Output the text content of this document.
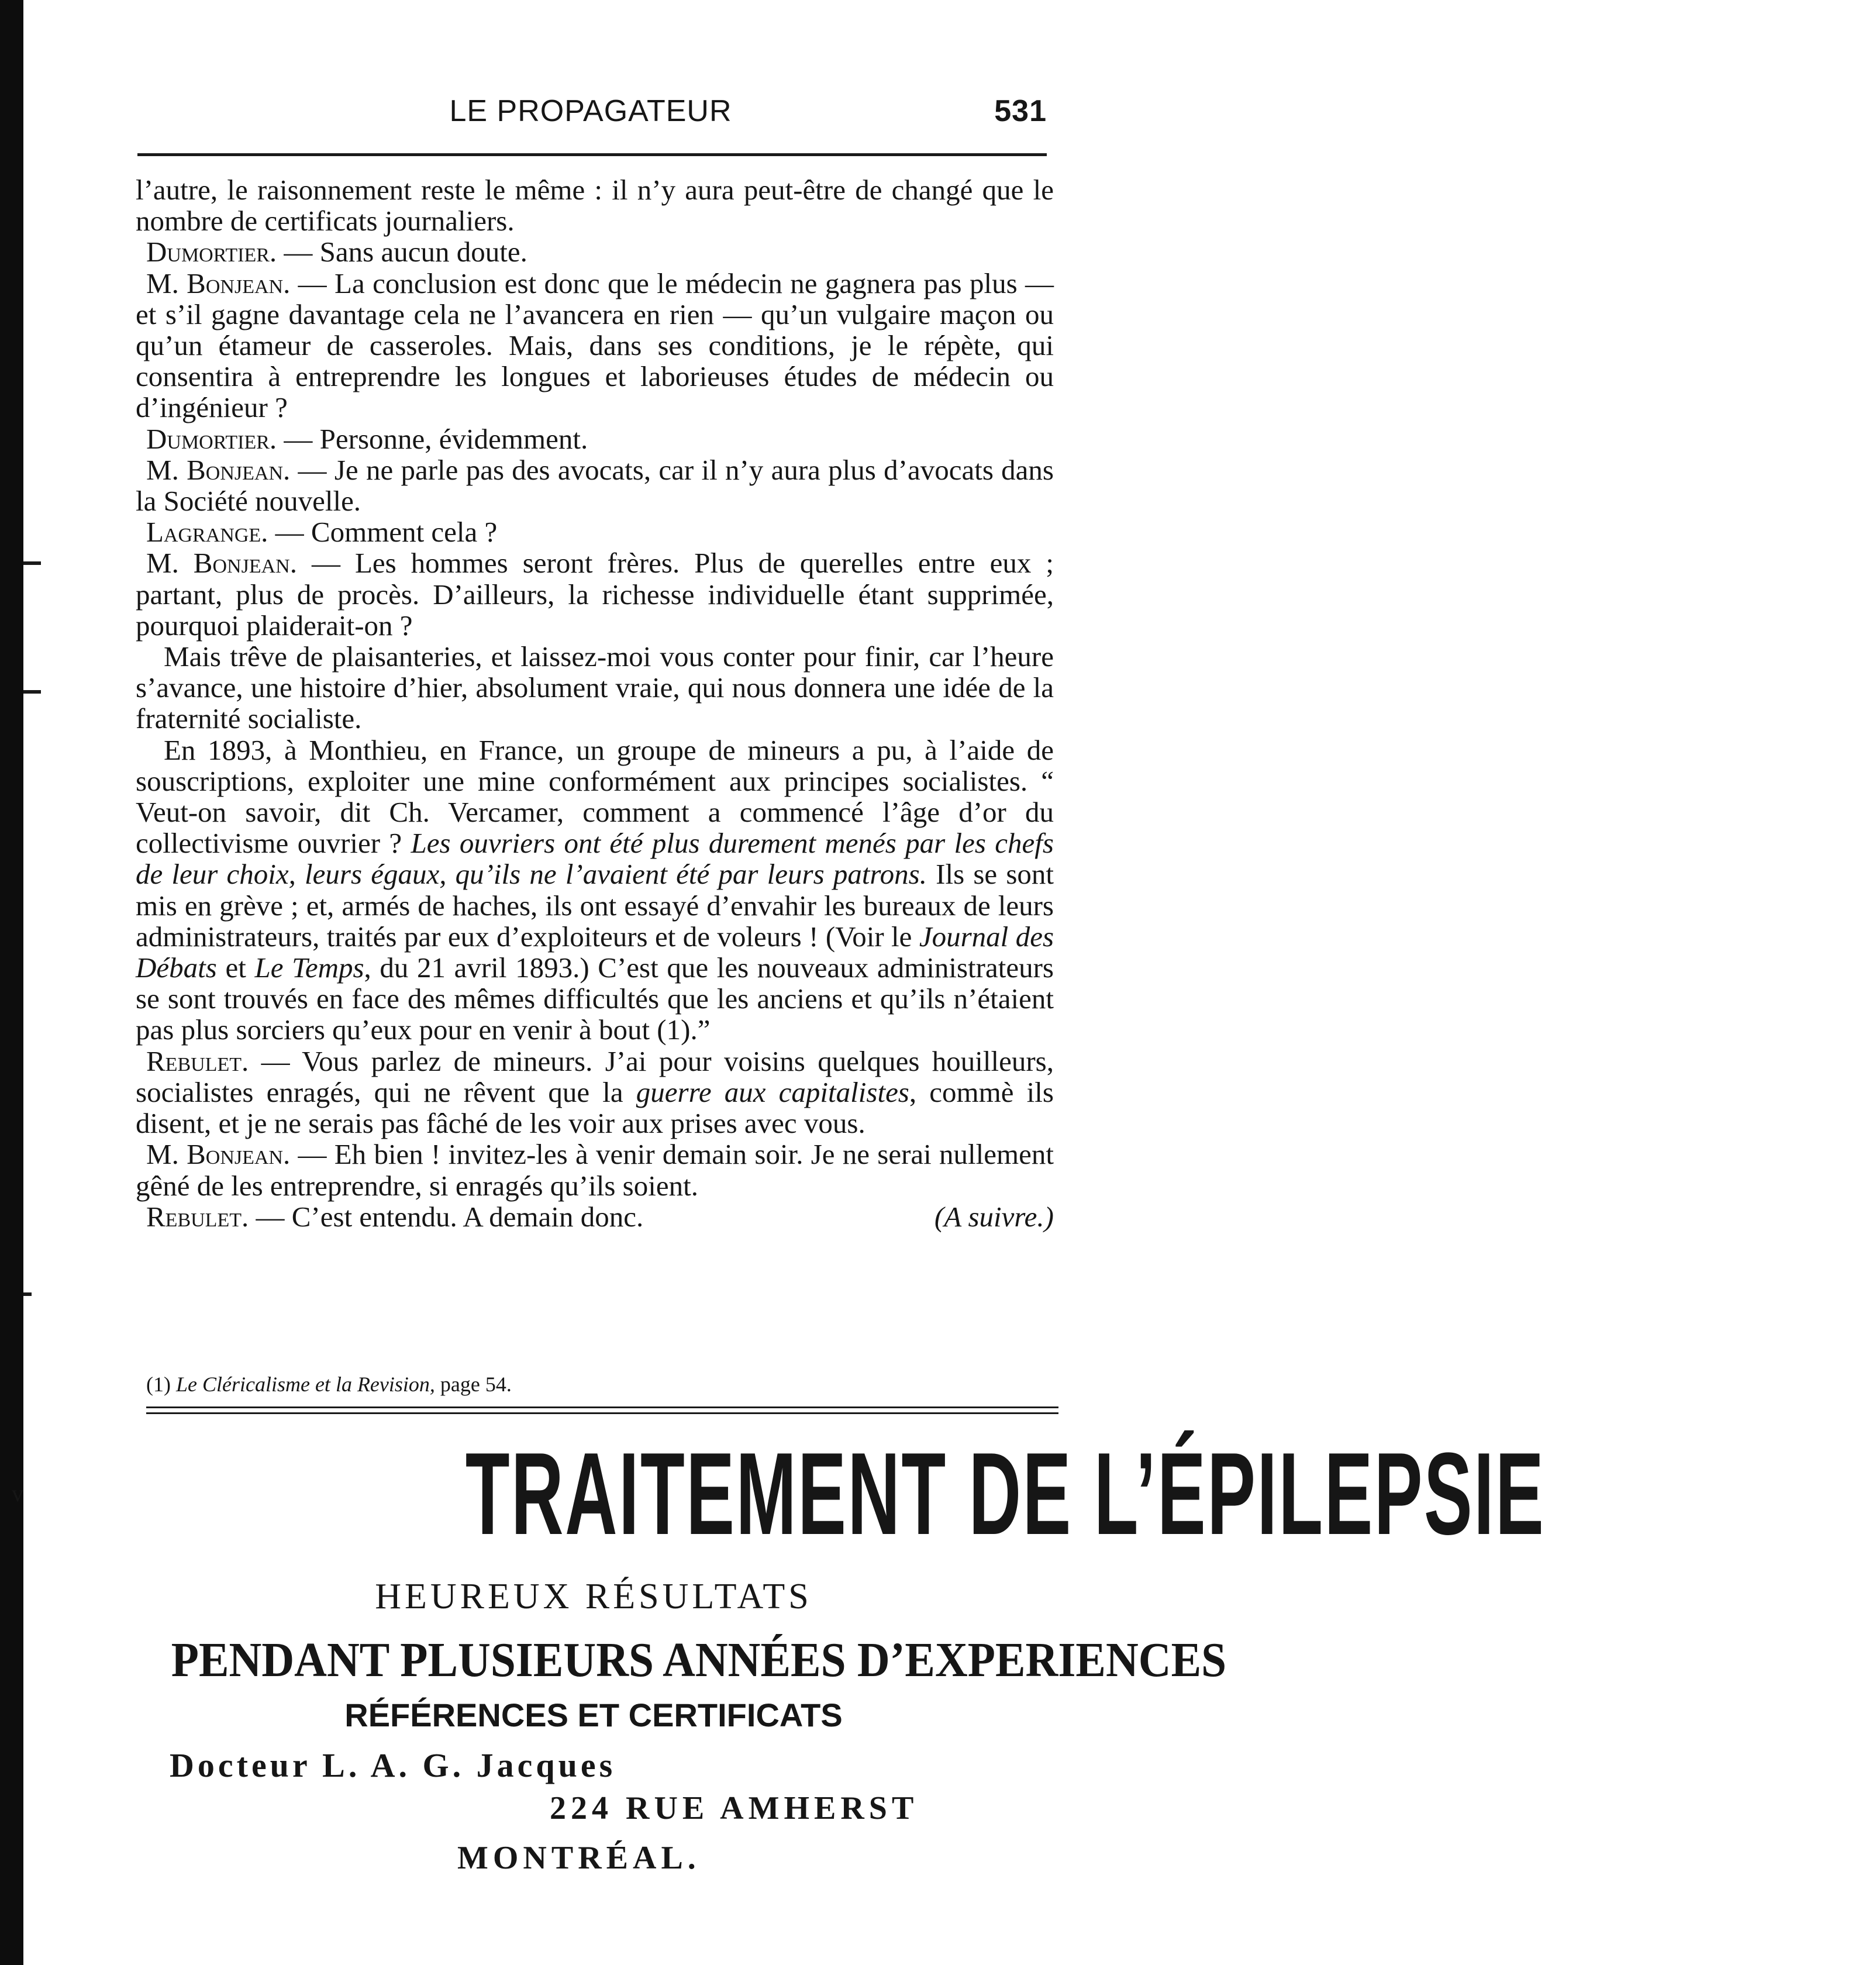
LE PROPAGATEUR	531

l’autre, le raisonnement reste le même : il n’y aura peut-être de changé que le nombre de certificats journaliers.

Dumortier. — Sans aucun doute.

M. Bonjean. — La conclusion est donc que le médecin ne gagnera pas plus — et s’il gagne davantage cela ne l’avancera en rien — qu’un vulgaire maçon ou qu’un étameur de casseroles. Mais, dans ses conditions, je le répète, qui consentira à entreprendre les longues et laborieuses études de médecin ou d’ingénieur ?

Dumortier. — Personne, évidemment.

M. Bonjean. — Je ne parle pas des avocats, car il n’y aura plus d’avocats dans la Société nouvelle.

Lagrange. — Comment cela ?

M. Bonjean. — Les hommes seront frères. Plus de querelles entre eux ; partant, plus de procès. D’ailleurs, la richesse individuelle étant supprimée, pourquoi plaiderait-on ?

Mais trêve de plaisanteries, et laissez-moi vous conter pour finir, car l’heure s’avance, une histoire d’hier, absolument vraie, qui nous donnera une idée de la fraternité socialiste.

En 1893, à Monthieu, en France, un groupe de mineurs a pu, à l’aide de souscriptions, exploiter une mine conformément aux principes socialistes. “ Veut-on savoir, dit Ch. Vercamer, comment a commencé l’âge d’or du collectivisme ouvrier ? Les ouvriers ont été plus durement menés par les chefs de leur choix, leurs égaux, qu’ils ne l’avaient été par leurs patrons. Ils se sont mis en grève ; et, armés de haches, ils ont essayé d’envahir les bureaux de leurs administrateurs, traités par eux d’exploiteurs et de voleurs ! (Voir le Journal des Débats et Le Temps, du 21 avril 1893.) C’est que les nouveaux administrateurs se sont trouvés en face des mêmes difficultés que les anciens et qu’ils n’étaient pas plus sorciers qu’eux pour en venir à bout (1).”

Rebulet. — Vous parlez de mineurs. J’ai pour voisins quelques houilleurs, socialistes enragés, qui ne rêvent que la guerre aux capitalistes, commè ils disent, et je ne serais pas fâché de les voir aux prises avec vous.

M. Bonjean. — Eh bien ! invitez-les à venir demain soir. Je ne serai nullement gêné de les entreprendre, si enragés qu’ils soient.

Rebulet. — C’est entendu. A demain donc.	(A suivre.)

(1) Le Cléricalisme et la Revision, page 54.
TRAITEMENT DE L’ÉPILEPSIE
v
HEUREUX RÉSULTATS
PENDANT PLUSIEURS ANNÉES D’EXPERIENCES
RÉFÉRENCES ET CERTIFICATS
Docteur L. A. G. Jacques
224 RUE AMHERST
MONTRÉAL.
